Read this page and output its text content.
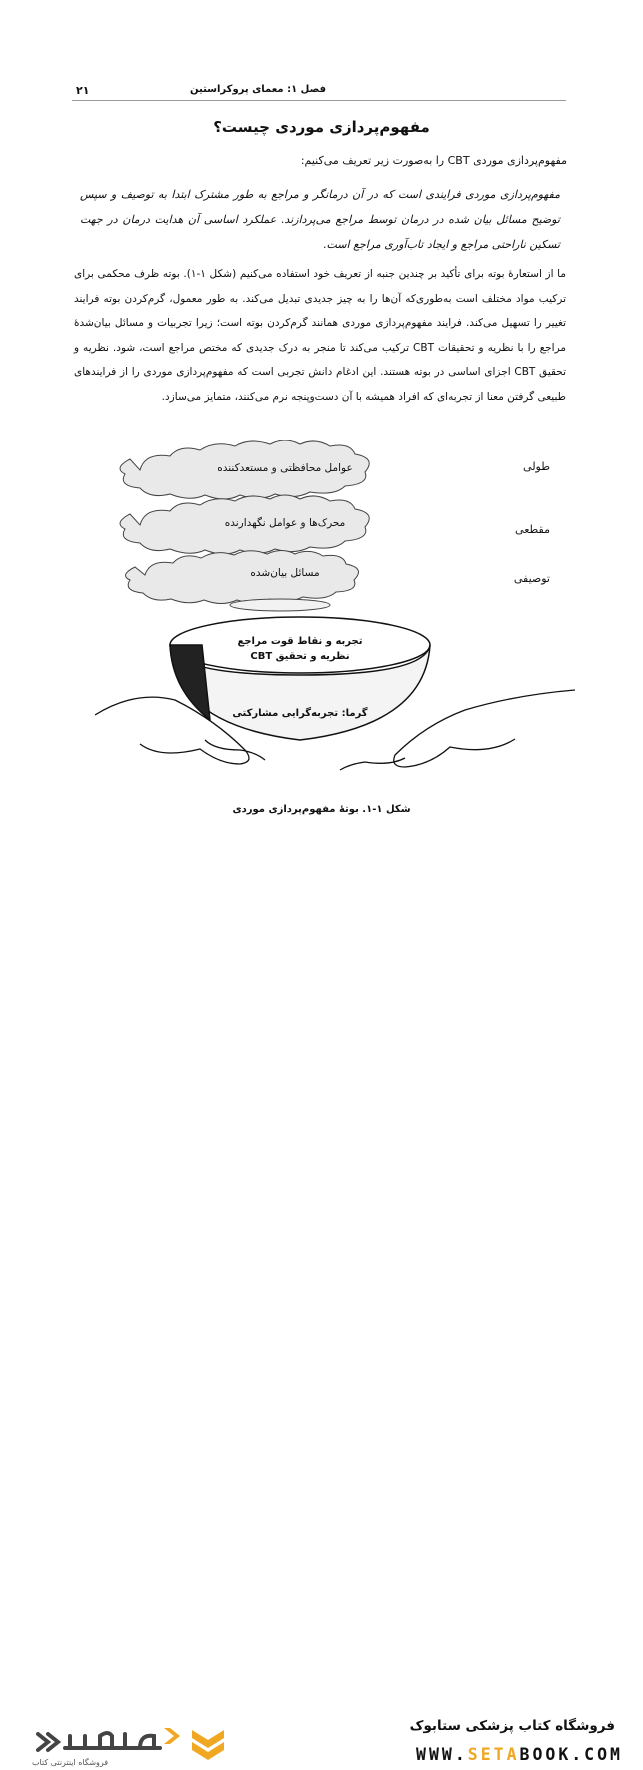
۲۱	فصل ۱: معمای پروکراستین
مفهوم‌پردازی موردی چیست؟
مفهوم‌پردازی موردی CBT را به‌صورت زیر تعریف می‌کنیم:
مفهوم‌پردازی موردی فرایندی است که در آن درمانگر و مراجع به طور مشترک ابتدا به توصیف و سپس توضیح مسائل بیان شده در درمان توسط مراجع می‌پردازند. عملکرد اساسی آن هدایت درمان در جهت تسکین ناراحتی مراجع و ایجاد تاب‌آوری مراجع است.
ما از استعارهٔ بوته برای تأکید بر چندین جنبه از تعریف خود استفاده می‌کنیم (شکل ۱-۱). بوته ظرف محکمی برای ترکیب مواد مختلف است به‌طوری‌که آن‌ها را به چیز جدیدی تبدیل می‌کند. به طور معمول، گرم‌کردن بوته فرایند تغییر را تسهیل می‌کند. فرایند مفهوم‌پردازی موردی همانند گرم‌کردن بوته است؛ زیرا تجربیات و مسائل بیان‌شدهٔ مراجع را با نظریه و تحقیقات CBT ترکیب می‌کند تا منجر به درک جدیدی که مختص مراجع است، شود. نظریه و تحقیق CBT اجزای اساسی در بوته هستند. این ادغام دانش تجربی است که مفهوم‌پردازی موردی را از فرایندهای طبیعی گرفتن معنا از تجربه‌ای که افراد همیشه با آن دست‌وپنجه نرم می‌کنند، متمایز می‌سازد.
عوامل محافظتی و مستعدکننده
محرک‌ها و عوامل نگهدارنده
مسائل بیان‌شده
طولی
مقطعی
توصیفی
تجربه و نقاط قوت مراجع
نظریه و تحقیق CBT
گرما: تجربه‌گرایی مشارکتی
شکل ۱-۱. بوتهٔ مفهوم‌پردازی موردی
فروشگاه اینترنتی کتاب
فروشگاه کتاب پزشکی ستابوک
WWW.SETABOOK.COM
